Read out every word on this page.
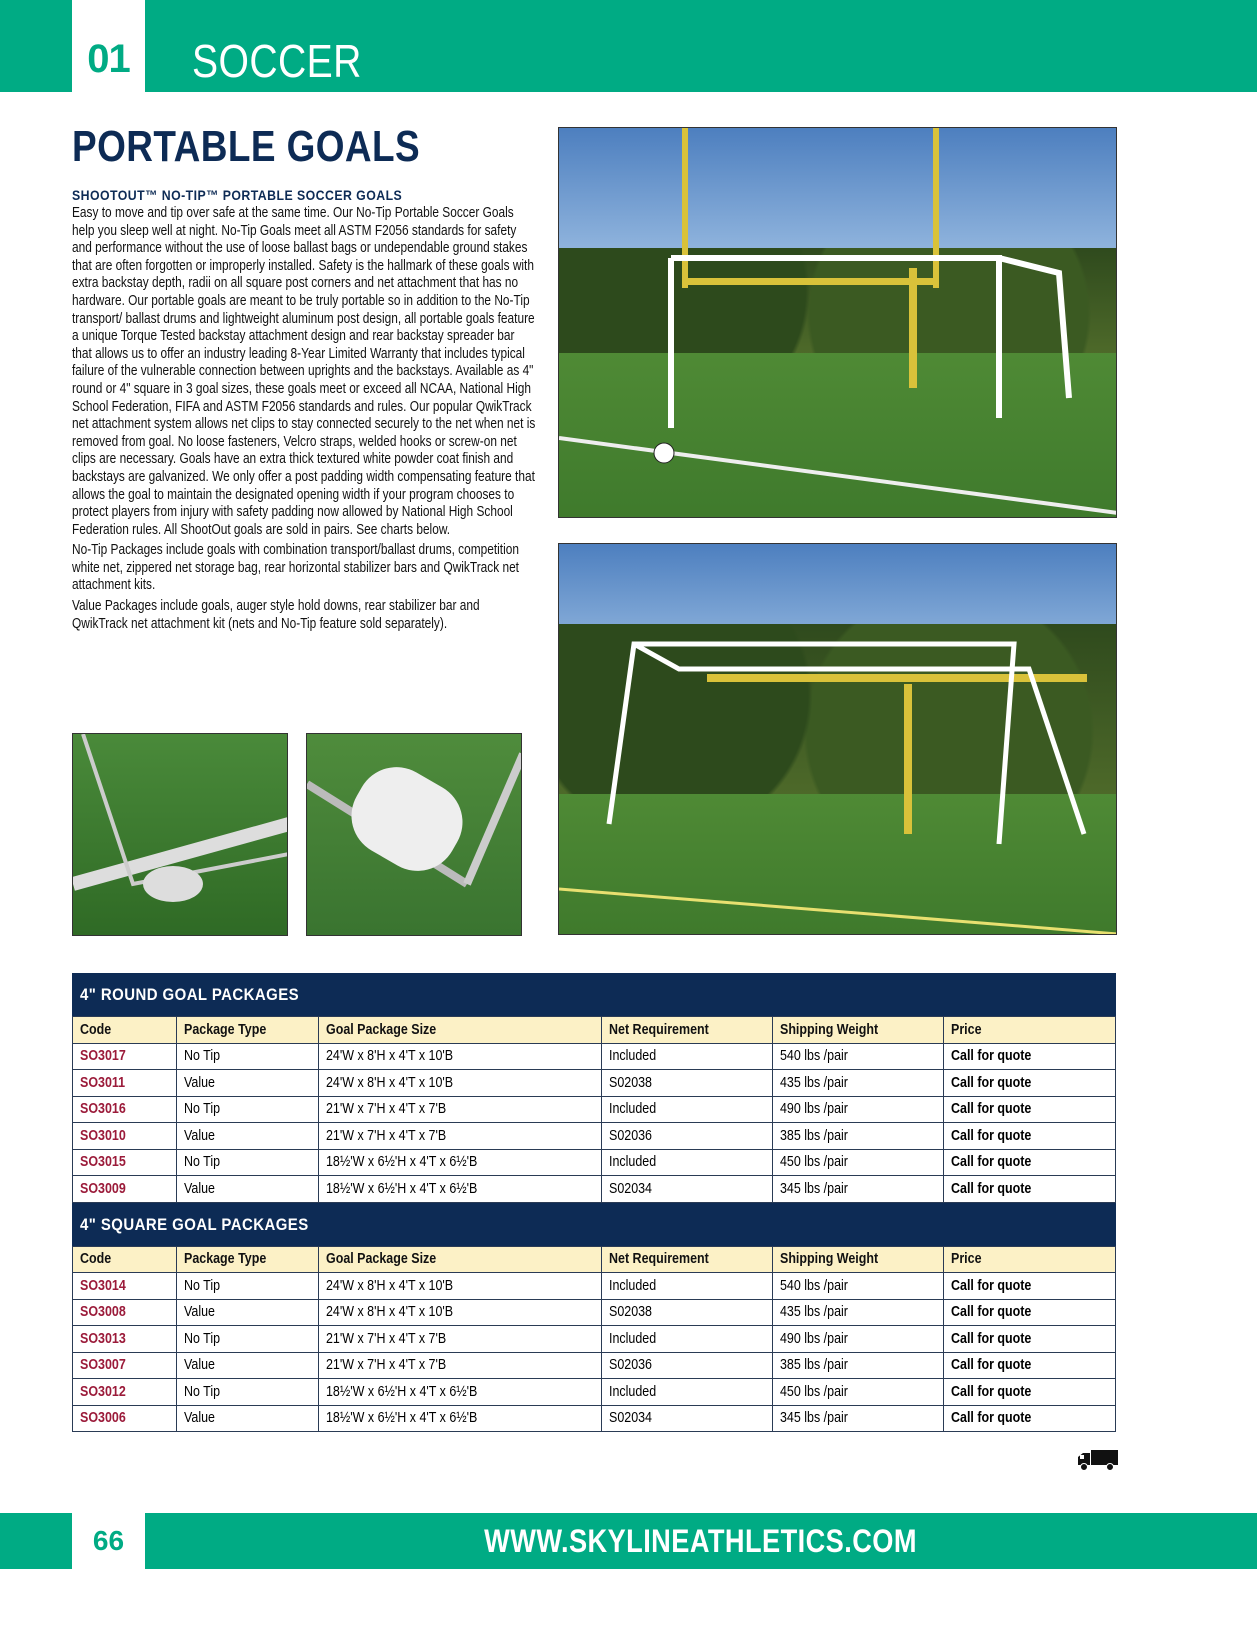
01	SOCCER
PORTABLE GOALS
SHOOTOUT™ NO-TIP™ PORTABLE SOCCER GOALS

Easy to move and tip over safe at the same time. Our No-Tip Portable Soccer Goals help you sleep well at night. No-Tip Goals meet all ASTM F2056 standards for safety and performance without the use of loose ballast bags or undependable ground stakes that are often forgotten or improperly installed. Safety is the hallmark of these goals with extra backstay depth, radii on all square post corners and net attachment that has no hardware. Our portable goals are meant to be truly portable so in addition to the No-Tip transport/ ballast drums and lightweight aluminum post design, all portable goals feature a unique Torque Tested backstay attachment design and rear backstay spreader bar that allows us to offer an industry leading 8-Year Limited Warranty that includes typical failure of the vulnerable connection between uprights and the backstays. Available as 4" round or 4" square in 3 goal sizes, these goals meet or exceed all NCAA, National High School Federation, FIFA and ASTM F2056 standards and rules. Our popular QwikTrack net attachment system allows net clips to stay connected securely to the net when net is removed from goal. No loose fasteners, Velcro straps, welded hooks or screw-on net clips are necessary. Goals have an extra thick textured white powder coat finish and backstays are galvanized. We only offer a post padding width compensating feature that allows the goal to maintain the designated opening width if your program chooses to protect players from injury with safety padding now allowed by National High School Federation rules. All ShootOut goals are sold in pairs. See charts below.

No-Tip Packages include goals with combination transport/ballast drums, competition white net, zippered net storage bag, rear horizontal stabilizer bars and QwikTrack net attachment kits.

Value Packages include goals, auger style hold downs, rear stabilizer bar and QwikTrack net attachment kit (nets and No-Tip feature sold separately).

4" ROUND GOAL PACKAGES
Code	Package Type	Goal Package Size	Net Requirement	Shipping Weight	Price
SO3017	No Tip	24'W x 8'H x 4'T x 10'B	Included	540 lbs /pair	Call for quote
SO3011	Value	24'W x 8'H x 4'T x 10'B	S02038	435 lbs /pair	Call for quote
SO3016	No Tip	21'W x 7'H x 4'T x 7'B	Included	490 lbs /pair	Call for quote
SO3010	Value	21'W x 7'H x 4'T x 7'B	S02036	385 lbs /pair	Call for quote
SO3015	No Tip	18½'W x 6½'H x 4'T x 6½'B	Included	450 lbs /pair	Call for quote
SO3009	Value	18½'W x 6½'H x 4'T x 6½'B	S02034	345 lbs /pair	Call for quote
4" SQUARE GOAL PACKAGES
Code	Package Type	Goal Package Size	Net Requirement	Shipping Weight	Price
SO3014	No Tip	24'W x 8'H x 4'T x 10'B	Included	540 lbs /pair	Call for quote
SO3008	Value	24'W x 8'H x 4'T x 10'B	S02038	435 lbs /pair	Call for quote
SO3013	No Tip	21'W x 7'H x 4'T x 7'B	Included	490 lbs /pair	Call for quote
SO3007	Value	21'W x 7'H x 4'T x 7'B	S02036	385 lbs /pair	Call for quote
SO3012	No Tip	18½'W x 6½'H x 4'T x 6½'B	Included	450 lbs /pair	Call for quote
SO3006	Value	18½'W x 6½'H x 4'T x 6½'B	S02034	345 lbs /pair	Call for quote
66	WWW.SKYLINEATHLETICS.COM
